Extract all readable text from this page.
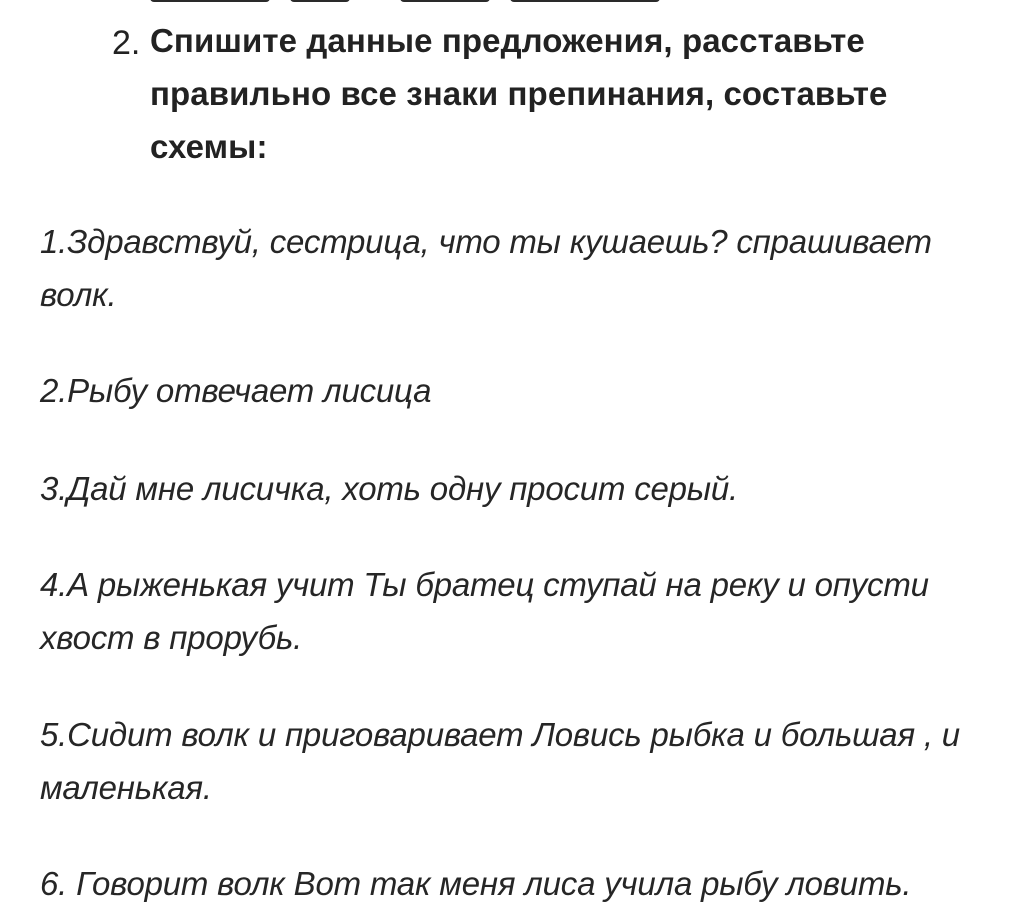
2. Спишите данные предложения, расставьте правильно все знаки препинания, составьте схемы:
1.Здравствуй, сестрица, что ты кушаешь? спрашивает волк.
2.Рыбу отвечает лисица
3.Дай мне лисичка, хоть одну просит серый.
4.А рыженькая учит Ты братец ступай на реку и опусти хвост в прорубь.
5.Сидит волк и приговаривает Ловись рыбка и большая , и маленькая.
6. Говорит волк Вот так меня лиса учила рыбу ловить.
